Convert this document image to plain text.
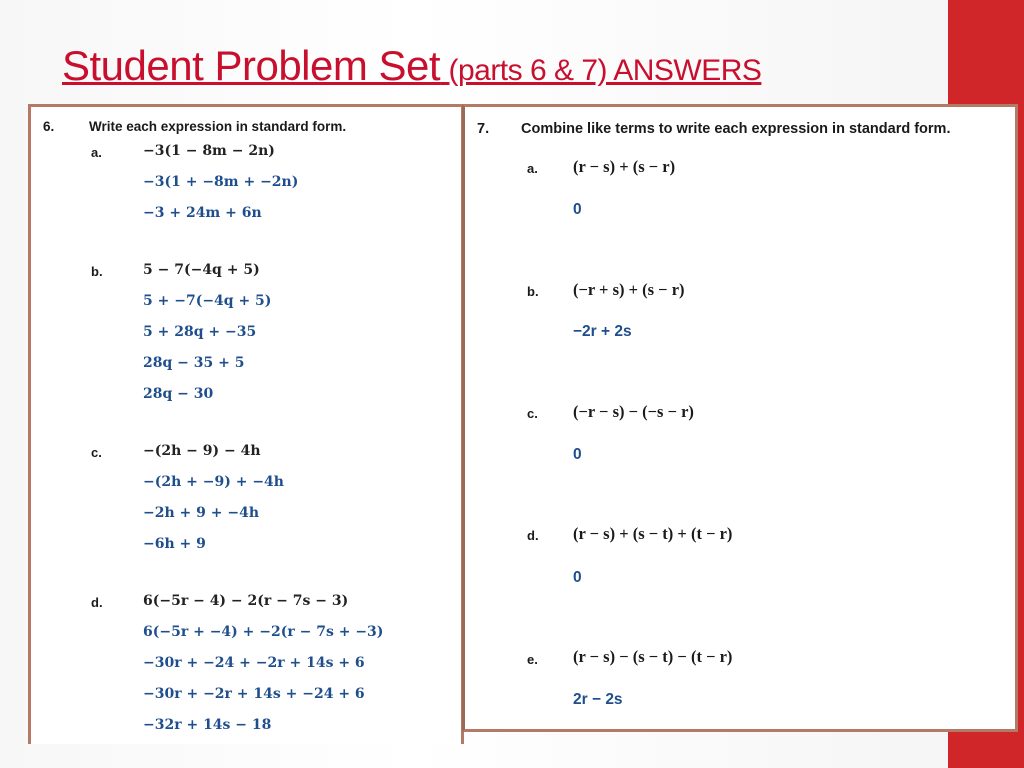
Student Problem Set (parts 6 & 7) ANSWERS
6.	Write each expression in standard form.
a.	−3(1 − 8m − 2n)
−3(1 + −8m + −2n)
−3 + 24m + 6n
b.	5 − 7(−4q + 5)
5 + −7(−4q + 5)
5 + 28q + −35
28q − 35 + 5
28q − 30
c.	−(2h − 9) − 4h
−(2h + −9) + −4h
−2h + 9 + −4h
−6h + 9
d.	6(−5r − 4) − 2(r − 7s − 3)
6(−5r + −4) + −2(r − 7s + −3)
−30r + −24 + −2r + 14s + 6
−30r + −2r + 14s + −24 + 6
−32r + 14s − 18
7. Combine like terms to write each expression in standard form.
a. (r − s) + (s − r)
0
b. (−r + s) + (s − r)
−2r + 2s
c. (−r − s) − (−s − r)
0
d. (r − s) + (s − t) + (t − r)
0
e. (r − s) − (s − t) − (t − r)
2r − 2s
